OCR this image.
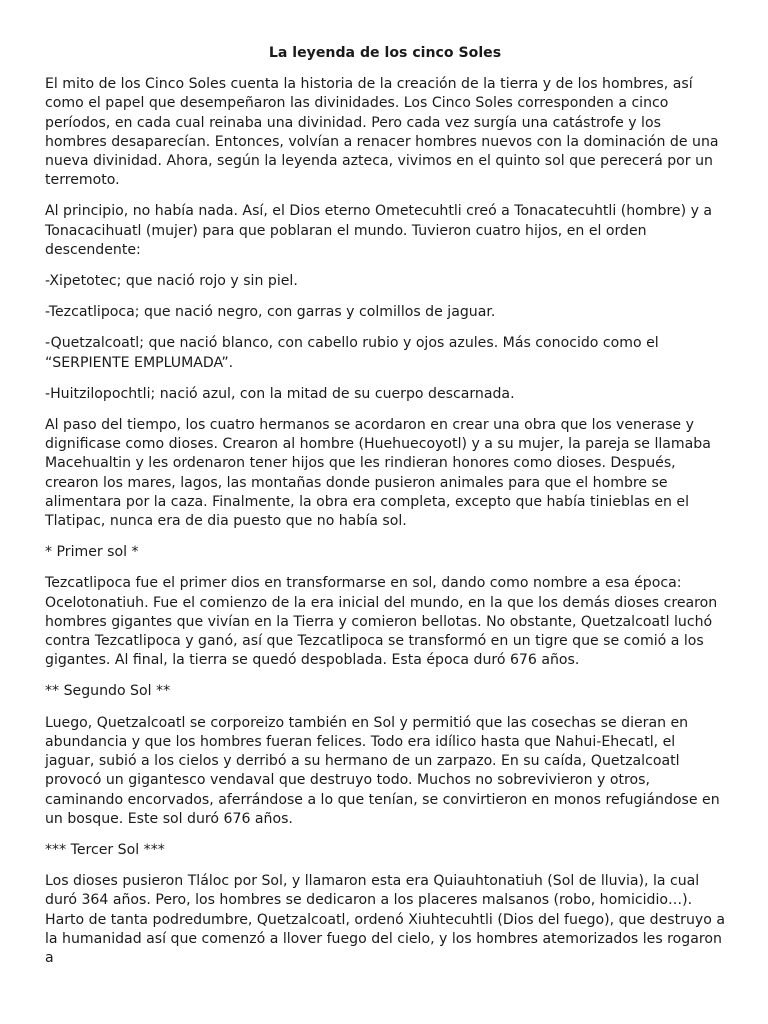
La leyenda de los cinco Soles

El mito de los Cinco Soles cuenta la historia de la creación de la tierra y de los hombres, así como el papel que desempeñaron las divinidades. Los Cinco Soles corresponden a cinco períodos, en cada cual reinaba una divinidad. Pero cada vez surgía una catástrofe y los hombres desaparecían. Entonces, volvían a renacer hombres nuevos con la dominación de una nueva divinidad. Ahora, según la leyenda azteca, vivimos en el quinto sol que perecerá por un terremoto.

Al principio, no había nada. Así, el Dios eterno Ometecuhtli creó a Tonacatecuhtli (hombre) y a Tonacacihuatl (mujer) para que poblaran el mundo. Tuvieron cuatro hijos, en el orden descendente:

-Xipetotec; que nació rojo y sin piel.

-Tezcatlipoca; que nació negro, con garras y colmillos de jaguar.

-Quetzalcoatl; que nació blanco, con cabello rubio y ojos azules. Más conocido como el “SERPIENTE EMPLUMADA”.

-Huitzilopochtli; nació azul, con la mitad de su cuerpo descarnada.

Al paso del tiempo, los cuatro hermanos se acordaron en crear una obra que los venerase y dignificase como dioses. Crearon al hombre (Huehuecoyotl) y a su mujer, la pareja se llamaba Macehualtin y les ordenaron tener hijos que les rindieran honores como dioses. Después, crearon los mares, lagos, las montañas donde pusieron animales para que el hombre se alimentara por la caza. Finalmente, la obra era completa, excepto que había tinieblas en el Tlatipac, nunca era de dia puesto que no había sol.

* Primer sol *

Tezcatlipoca fue el primer dios en transformarse en sol, dando como nombre a esa época: Ocelotonatiuh. Fue el comienzo de la era inicial del mundo, en la que los demás dioses crearon hombres gigantes que vivían en la Tierra y comieron bellotas. No obstante, Quetzalcoatl luchó contra Tezcatlipoca y ganó, así que Tezcatlipoca se transformó en un tigre que se comió a los gigantes. Al final, la tierra se quedó despoblada. Esta época duró 676 años.

** Segundo Sol **

Luego, Quetzalcoatl se corporeizo también en Sol y permitió que las cosechas se dieran en abundancia y que los hombres fueran felices. Todo era idílico hasta que Nahui-Ehecatl, el jaguar, subió a los cielos y derribó a su hermano de un zarpazo. En su caída, Quetzalcoatl provocó un gigantesco vendaval que destruyo todo. Muchos no sobrevivieron y otros, caminando encorvados, aferrándose a lo que tenían, se convirtieron en monos refugiándose en un bosque. Este sol duró 676 años.

*** Tercer Sol ***

Los dioses pusieron Tláloc por Sol, y llamaron esta era Quiauhtonatiuh (Sol de lluvia), la cual duró 364 años. Pero, los hombres se dedicaron a los placeres malsanos (robo, homicidio…). Harto de tanta podredumbre, Quetzalcoatl, ordenó Xiuhtecuhtli (Dios del fuego), que destruyo a la humanidad así que comenzó a llover fuego del cielo, y los hombres atemorizados les rogaron a
